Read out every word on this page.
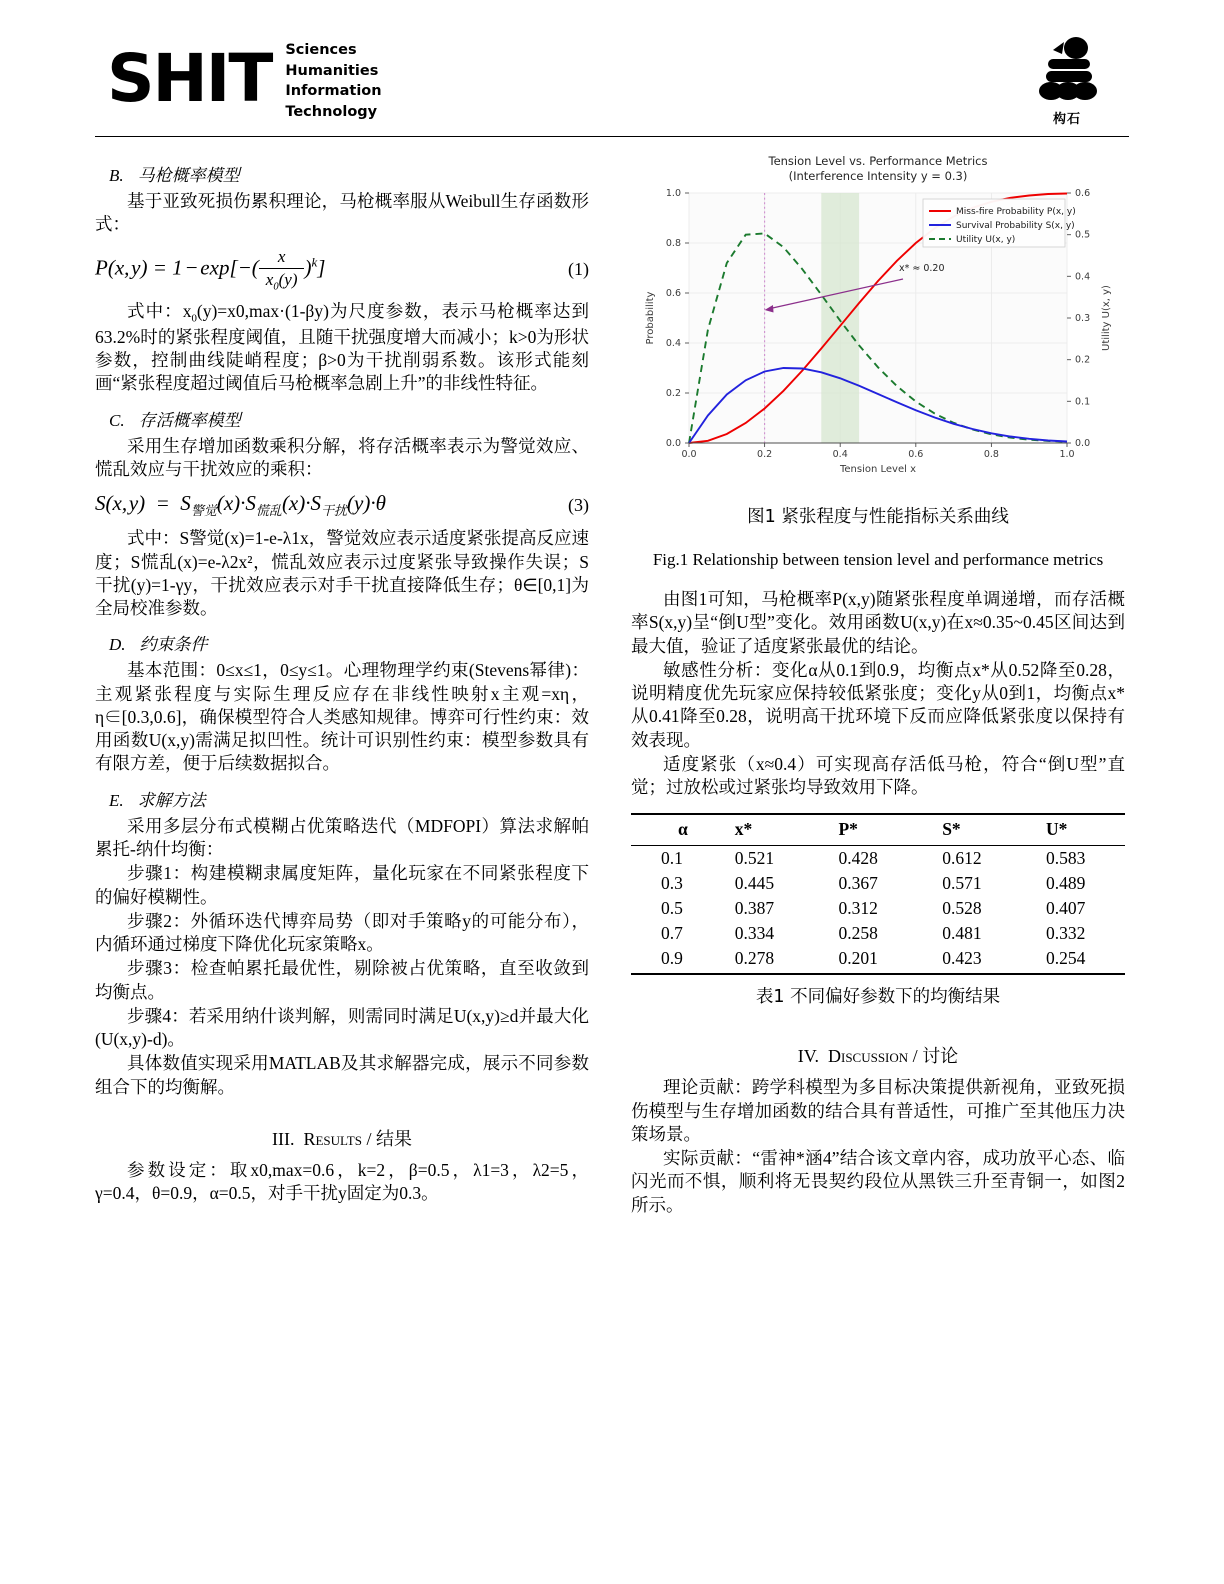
SHIT Sciences
Humanities
Information
Technology	构石
B. 马枪概率模型

基于亚致死损伤累积理论，马枪概率服从Weibull生存函数形式：

P(x, y) = 1 − $\exp[-( \frac{x}{x_0(y)} )^k]$	(1)

式中：$x_0(y)=x0,\max\cdot(1-\beta y)$为尺度参数，表示马枪概率达到63.2%时的紧张程度阈值，且随干扰强度增大而减小；k>0为形状参数，控制曲线陡峭程度；β>0为干扰削弱系数。该形式能刻画“紧张程度超过阈值后马枪概率急剧上升”的非线性特征。

C. 存活概率模型

采用生存增加函数乘积分解，将存活概率表示为警觉效应、慌乱效应与干扰效应的乘积：

S(x, $y) = S_{警觉}(x)\cdot S_{慌乱}(x)\cdot S_{干扰}(y)\cdot\theta$	(3)

式中：S警觉(x)=1-e-λ1x，警觉效应表示适度紧张提高反应速度；S慌乱(x)=e-λ2x²，慌乱效应表示过度紧张导致操作失误；S干扰(y)=1-γy，干扰效应表示对手干扰直接降低生存；θ∈[0,1]为全局校准参数。

D. 约束条件

基本范围：0≤x≤1，0≤y≤1。心理物理学约束(Stevens幂律)：主观紧张程度与实际生理反应存在非线性映射x主观=xη，η∈[0.3,0.6]，确保模型符合人类感知规律。博弈可行性约束：效用函数U(x,y)需满足拟凹性。统计可识别性约束：模型参数具有有限方差，便于后续数据拟合。

E. 求解方法

采用多层分布式模糊占优策略迭代（MDFOPI）算法求解帕累托-纳什均衡：

步骤1：构建模糊隶属度矩阵，量化玩家在不同紧张程度下的偏好模糊性。

步骤2：外循环迭代博弈局势（即对手策略y的可能分布），内循环通过梯度下降优化玩家策略x。

步骤3：检查帕累托最优性，剔除被占优策略，直至收敛到均衡点。

步骤4：若采用纳什谈判解，则需同时满足U(x,y)≥d并最大化(U(x,y)-d)。

具体数值实现采用MATLAB及其求解器完成，展示不同参数组合下的均衡解。

III. Results / 结果

参数设定：取x0,max=0.6，k=2，β=0.5，λ1=3，λ2=5，γ=0.4，θ=0.9，α=0.5，对手干扰y固定为0.3。

x* ≈ 0.20
0.0
0.2
0.4
0.6
0.8
1.0
0.0
0.1
0.2
0.3
0.4
0.5
0.6
0.0	0.2	0.4	0.6	0.8	1.0
Tension Level x
Probability	Utility U(x, y)
Tension Level vs. Performance Metrics
(Interference Intensity y = 0.3)
Miss-fire Probability P(x, y)
Survival Probability S(x, y)
Utility U(x, y)
图1 紧张程度与性能指标关系曲线
Fig.1 Relationship between tension level and performance metrics

由图1可知，马枪概率P(x,y)随紧张程度单调递增，而存活概率S(x,y)呈“倒U型”变化。效用函数U(x,y)在x≈0.35~0.45区间达到最大值，验证了适度紧张最优的结论。

敏感性分析：变化α从0.1到0.9，均衡点x*从0.52降至0.28，说明精度优先玩家应保持较低紧张度；变化y从0到1，均衡点x*从0.41降至0.28，说明高干扰环境下反而应降低紧张度以保持有效表现。

适度紧张（x≈0.4）可实现高存活低马枪，符合“倒U型”直觉；过放松或过紧张均导致效用下降。

α	x*	P*	S*	U*
0.1	0.521	0.428	0.612	0.583
0.3	0.445	0.367	0.571	0.489
0.5	0.387	0.312	0.528	0.407
0.7	0.334	0.258	0.481	0.332
0.9	0.278	0.201	0.423	0.254
表1 不同偏好参数下的均衡结果
IV. Discussion / 讨论

理论贡献：跨学科模型为多目标决策提供新视角，亚致死损伤模型与生存增加函数的结合具有普适性，可推广至其他压力决策场景。

实际贡献：“雷神*涵4”结合该文章内容，成功放平心态、临闪光而不惧，顺利将无畏契约段位从黑铁三升至青铜一，如图2所示。
